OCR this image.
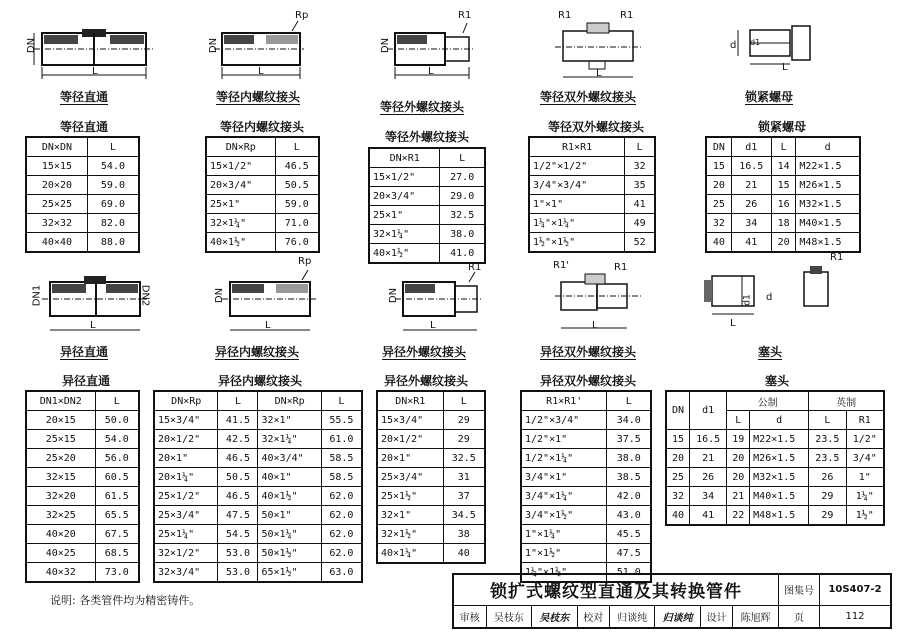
DN
L
等径直通
Rp
DN
L
等径内螺纹接头
R1
DN
L
等径外螺纹接头
R1	R1
L
等径双外螺纹接头
d d1
L
锁紧螺母
等径直通
DN×DN	L
15×15	54.0
20×20	59.0
25×25	69.0
32×32	82.0
40×40	88.0
等径内螺纹接头
DN×Rp	L
15×1/2"	46.5
20×3/4"	50.5
25×1"	59.0
32×1¼"	71.0
40×1½"	76.0
等径外螺纹接头
DN×R1	L
15×1/2"	27.0
20×3/4"	29.0
25×1"	32.5
32×1¼"	38.0
40×1½"	41.0
等径双外螺纹接头
R1×R1	L
1/2"×1/2"	32
3/4"×3/4"	35
1"×1"	41
1¼"×1¼"	49
1½"×1½"	52
锁紧螺母
DN	d1	L	d
15	16.5	14	M22×1.5
20	21	15	M26×1.5
25	26	16	M32×1.5
32	34	18	M40×1.5
40	41	20	M48×1.5
DN1	DN2
L
异径直通
Rp
DN
L
异径内螺纹接头
R1
DN
L
异径外螺纹接头
R1'	R1
L
异径双外螺纹接头
d1 d
R1
L
塞头
异径直通
DN1×DN2	L
20×15	50.0
25×15	54.0
25×20	56.0
32×15	60.5
32×20	61.5
32×25	65.5
40×20	67.5
40×25	68.5
40×32	73.0
异径内螺纹接头
DN×Rp	L	DN×Rp	L
15×3/4"	41.5	32×1"	55.5
20×1/2"	42.5	32×1¼"	61.0
20×1"	46.5	40×3/4"	58.5
20×1¼"	50.5	40×1"	58.5
25×1/2"	46.5	40×1½"	62.0
25×3/4"	47.5	50×1"	62.0
25×1¼"	54.5	50×1¼"	62.0
32×1/2"	53.0	50×1½"	62.0
32×3/4"	53.0	65×1½"	63.0
异径外螺纹接头
DN×R1	L
15×3/4"	29
20×1/2"	29
20×1"	32.5
25×3/4"	31
25×1½"	37
32×1"	34.5
32×1½"	38
40×1¼"	40
异径双外螺纹接头
R1×R1'	L
1/2"×3/4"	34.0
1/2"×1"	37.5
1/2"×1¼"	38.0
3/4"×1"	38.5
3/4"×1¼"	42.0
3/4"×1½"	43.0
1"×1¼"	45.5
1"×1½"	47.5
1¼"×1½"	51.0
塞头
DN	d1	公制		英制	
		L	d	L	R1
15	16.5	19	M22×1.5	23.5	1/2"
20	21	20	M26×1.5	23.5	3/4"
25	26	20	M32×1.5	26	1"
32	34	21	M40×1.5	29	1¼"
40	41	22	M48×1.5	29	1½"
说明: 各类管件均为精密铸件。	锁扩式螺纹型直通及其转换管件								图集号	10S407-2
审核	吴枝东	吴枝东	校对	归谈纯	归谈纯	设计	陈旭辉	页	112
